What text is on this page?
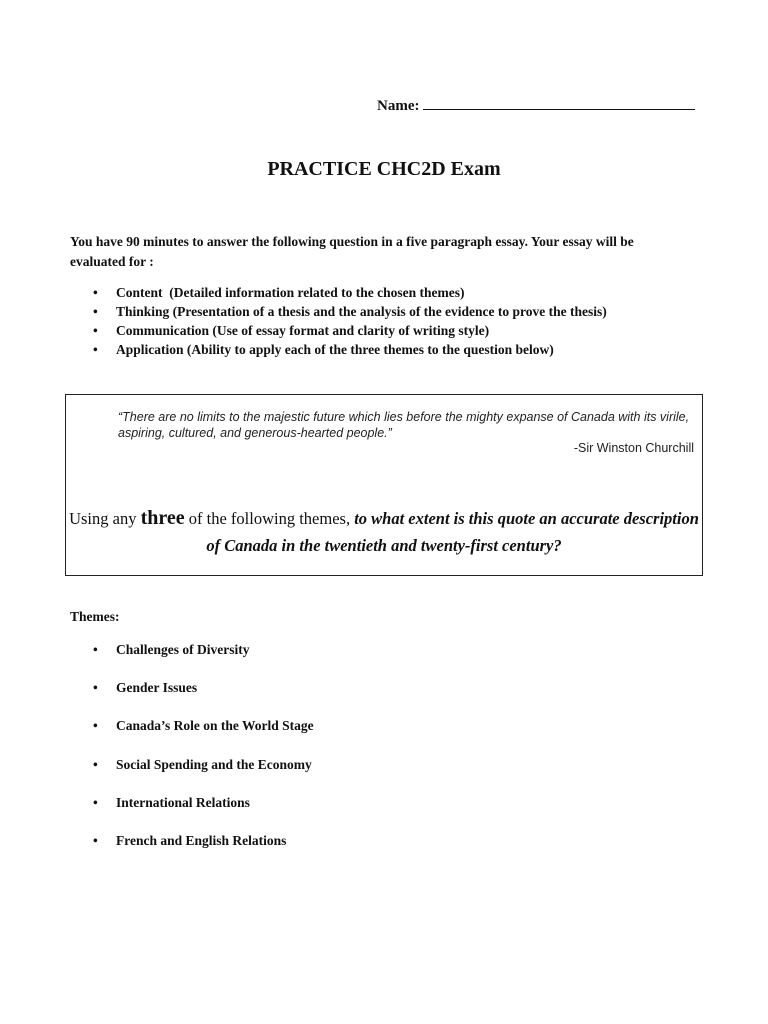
Name:
PRACTICE CHC2D Exam
You have 90 minutes to answer the following question in a five paragraph essay. Your essay will be evaluated for :
• Content  (Detailed information related to the chosen themes)
• Thinking (Presentation of a thesis and the analysis of the evidence to prove the thesis)
• Communication (Use of essay format and clarity of writing style)
• Application (Ability to apply each of the three themes to the question below)
“There are no limits to the majestic future which lies before the mighty expanse of Canada with its virile, aspiring, cultured, and generous-hearted people.”
-Sir Winston Churchill
Using any three of the following themes, to what extent is this quote an accurate description of Canada in the twentieth and twenty-first century?
Themes:
• Challenges of Diversity
• Gender Issues
• Canada’s Role on the World Stage
• Social Spending and the Economy
• International Relations
• French and English Relations
